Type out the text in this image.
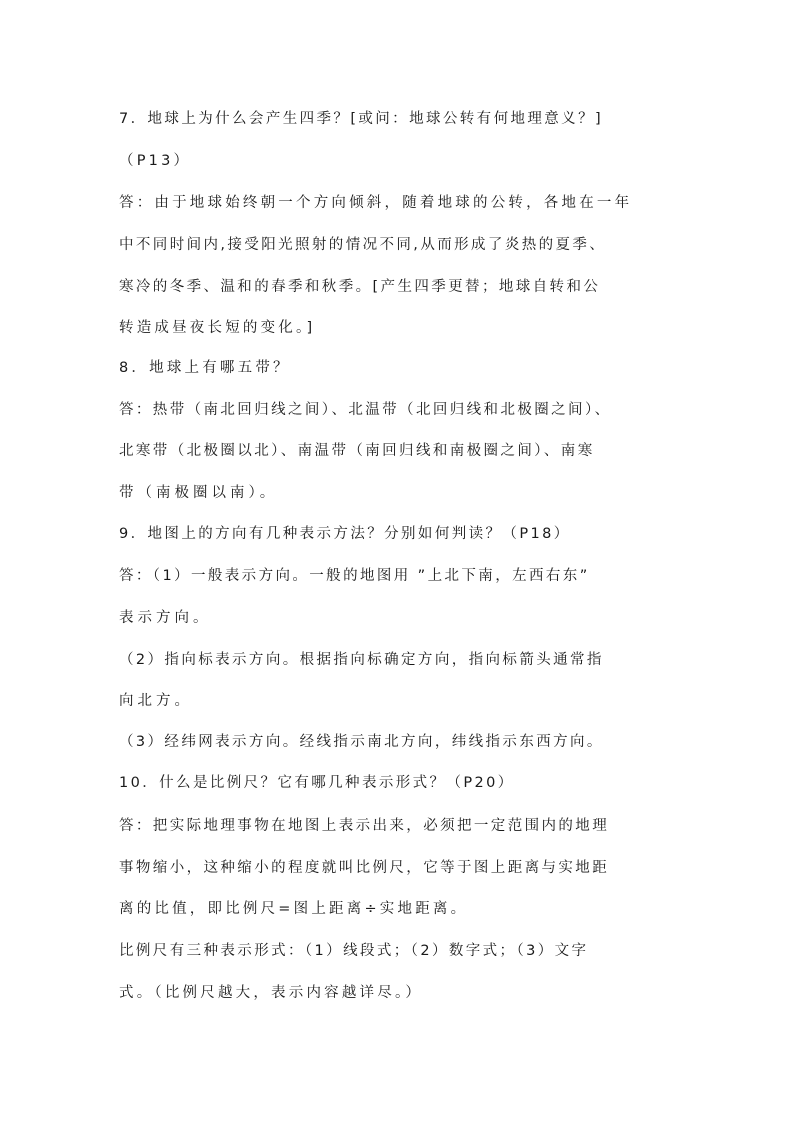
7．地球上为什么会产生四季？[或问：地球公转有何地理意义？]

（P13）

答：由于地球始终朝一个方向倾斜，随着地球的公转，各地在一年

中不同时间内,接受阳光照射的情况不同,从而形成了炎热的夏季、

寒冷的冬季、温和的春季和秋季。[产生四季更替；地球自转和公

转造成昼夜长短的变化。]

8．地球上有哪五带？

答：热带（南北回归线之间）、北温带（北回归线和北极圈之间）、

北寒带（北极圈以北）、南温带（南回归线和南极圈之间）、南寒

带（南极圈以南）。

9．地图上的方向有几种表示方法？分别如何判读？（P18）

答：（1）一般表示方向。一般的地图用 ”上北下南，左西右东”

表示方向。

（2）指向标表示方向。根据指向标确定方向，指向标箭头通常指

向北方。

（3）经纬网表示方向。经线指示南北方向，纬线指示东西方向。

10．什么是比例尺？它有哪几种表示形式？（P20）

答：把实际地理事物在地图上表示出来，必须把一定范围内的地理

事物缩小，这种缩小的程度就叫比例尺，它等于图上距离与实地距

离的比值，即比例尺=图上距离÷实地距离。

比例尺有三种表示形式：（1）线段式；（2）数字式；（3）文字

式。（比例尺越大，表示内容越详尽。）
